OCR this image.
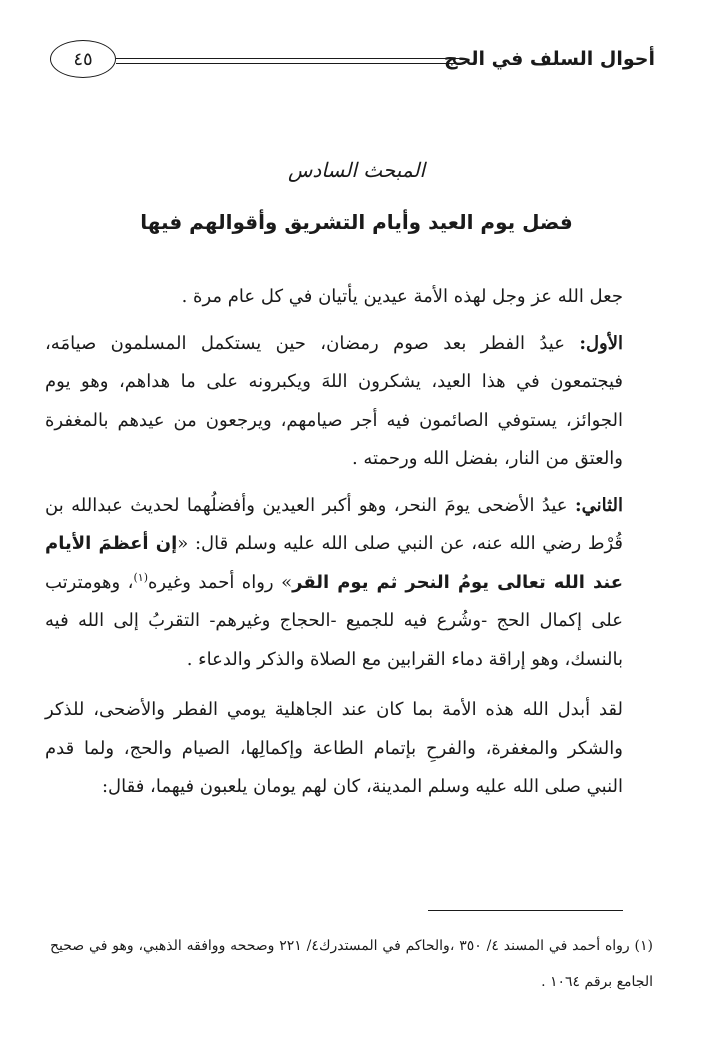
أحوال السلف في الحج
٤٥
المبحث السادس
فضل يوم العيد وأيام التشريق وأقوالهم فيها

جعل الله عز وجل لهذه الأمة عيدين يأتيان في كل عام مرة .

الأول: عيدُ الفطر بعد صوم رمضان، حين يستكمل المسلمون صيامَه، فيجتمعون في هذا العيد، يشكرون اللهَ ويكبرونه على ما هداهم، وهو يوم الجوائز، يستوفي الصائمون فيه أجر صيامهم، ويرجعون من عيدهم بالمغفرة والعتق من النار، بفضل الله ورحمته .

الثاني: عيدُ الأضحى يومَ النحر، وهو أكبر العيدين وأفضلُهما لحديث عبدالله بن قُرْط رضي الله عنه، عن النبي صلى الله عليه وسلم قال: «إن أعظمَ الأيام عند الله تعالى يومُ النحر ثم يوم القر» رواه أحمد وغيره$^{(١)}$، وهومترتب على إكمال الحج -وشُرع فيه للجميع -الحجاج وغيرهم- التقربُ إلى الله فيه بالنسك، وهو إراقة دماء القرابين مع الصلاة والذكر والدعاء .

لقد أبدل الله هذه الأمة بما كان عند الجاهلية يومي الفطر والأضحى، للذكر والشكر والمغفرة، والفرحِ بإتمام الطاعة وإكمالِها، الصيام والحج، ولما قدم النبي صلى الله عليه وسلم المدينة، كان لهم يومان يلعبون فيهما، فقال:

(١) رواه أحمد في المسند ٤/ ٣٥٠ ،والحاكم في المستدرك٤/ ٢٢١ وصححه ووافقه الذهبي، وهو في صحيح الجامع برقم ١٠٦٤ .
